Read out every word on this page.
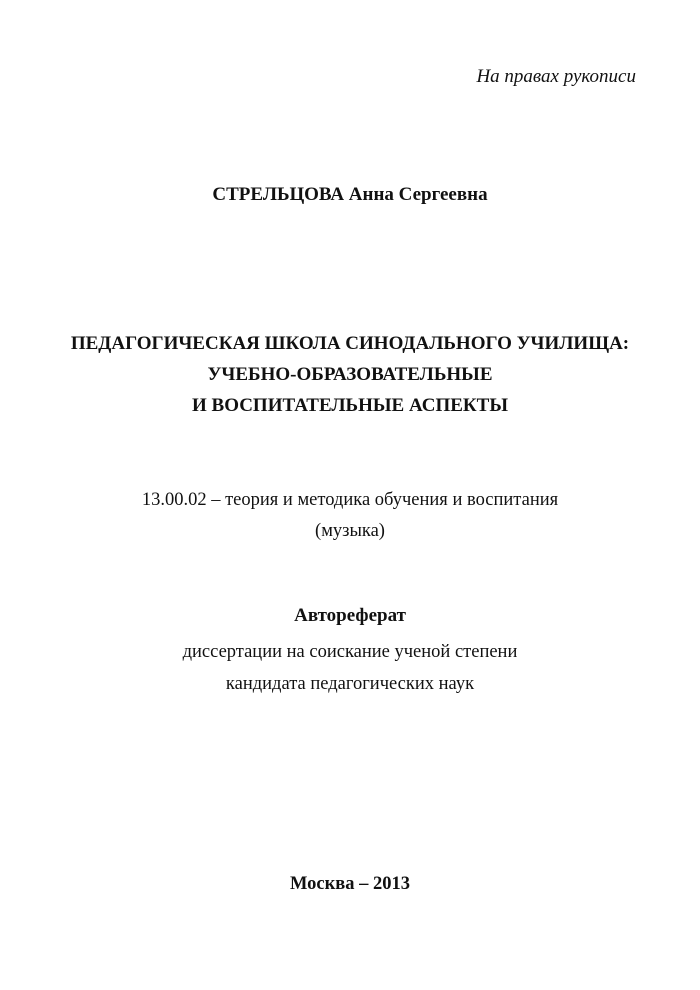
На правах рукописи
СТРЕЛЬЦОВА Анна Сергеевна
ПЕДАГОГИЧЕСКАЯ ШКОЛА СИНОДАЛЬНОГО УЧИЛИЩА:
УЧЕБНО-ОБРАЗОВАТЕЛЬНЫЕ
И ВОСПИТАТЕЛЬНЫЕ АСПЕКТЫ
13.00.02 – теория и методика обучения и воспитания
(музыка)
Автореферат
диссертации на соискание ученой степени
кандидата педагогических наук
Москва – 2013
